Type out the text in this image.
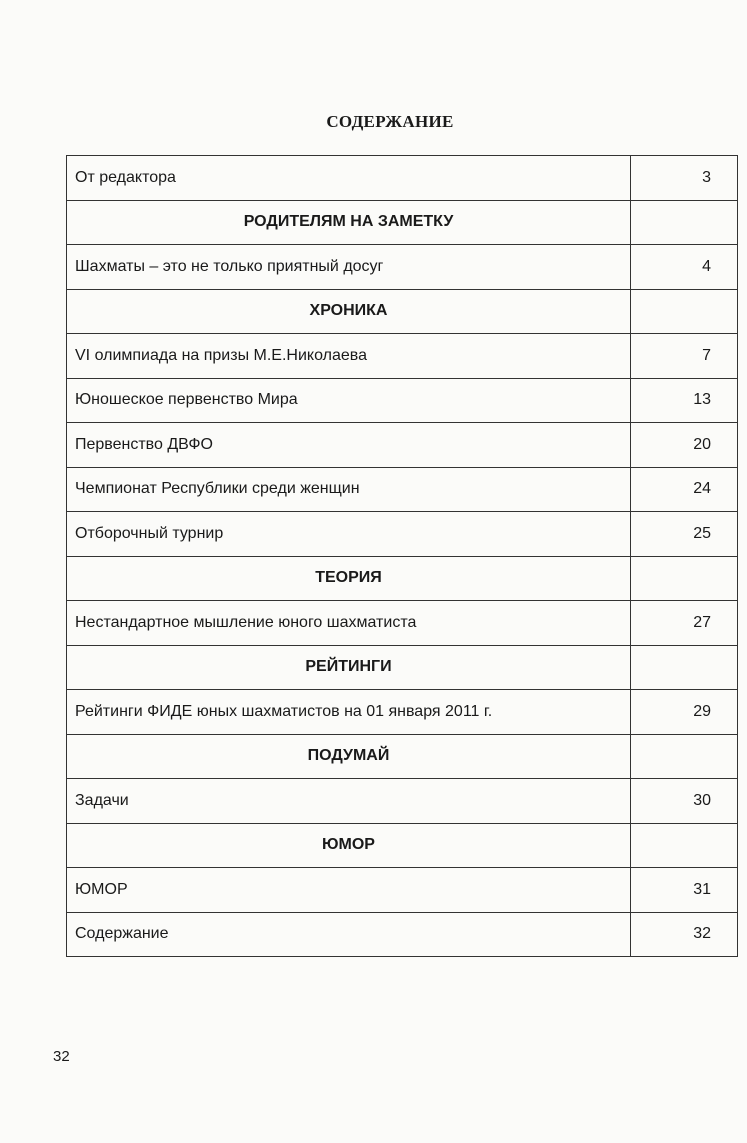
СОДЕРЖАНИЕ
От редактора	3
РОДИТЕЛЯМ НА ЗАМЕТКУ	
Шахматы – это не только приятный досуг	4
ХРОНИКА	
VI олимпиада на призы М.Е.Николаева	7
Юношеское первенство Мира	13
Первенство ДВФО	20
Чемпионат Республики среди женщин	24
Отборочный турнир	25
ТЕОРИЯ	
Нестандартное мышление юного шахматиста	27
РЕЙТИНГИ	
Рейтинги ФИДЕ юных шахматистов на 01 января 2011 г.	29
ПОДУМАЙ	
Задачи	30
ЮМОР	
ЮМОР	31
Содержание	32
32
